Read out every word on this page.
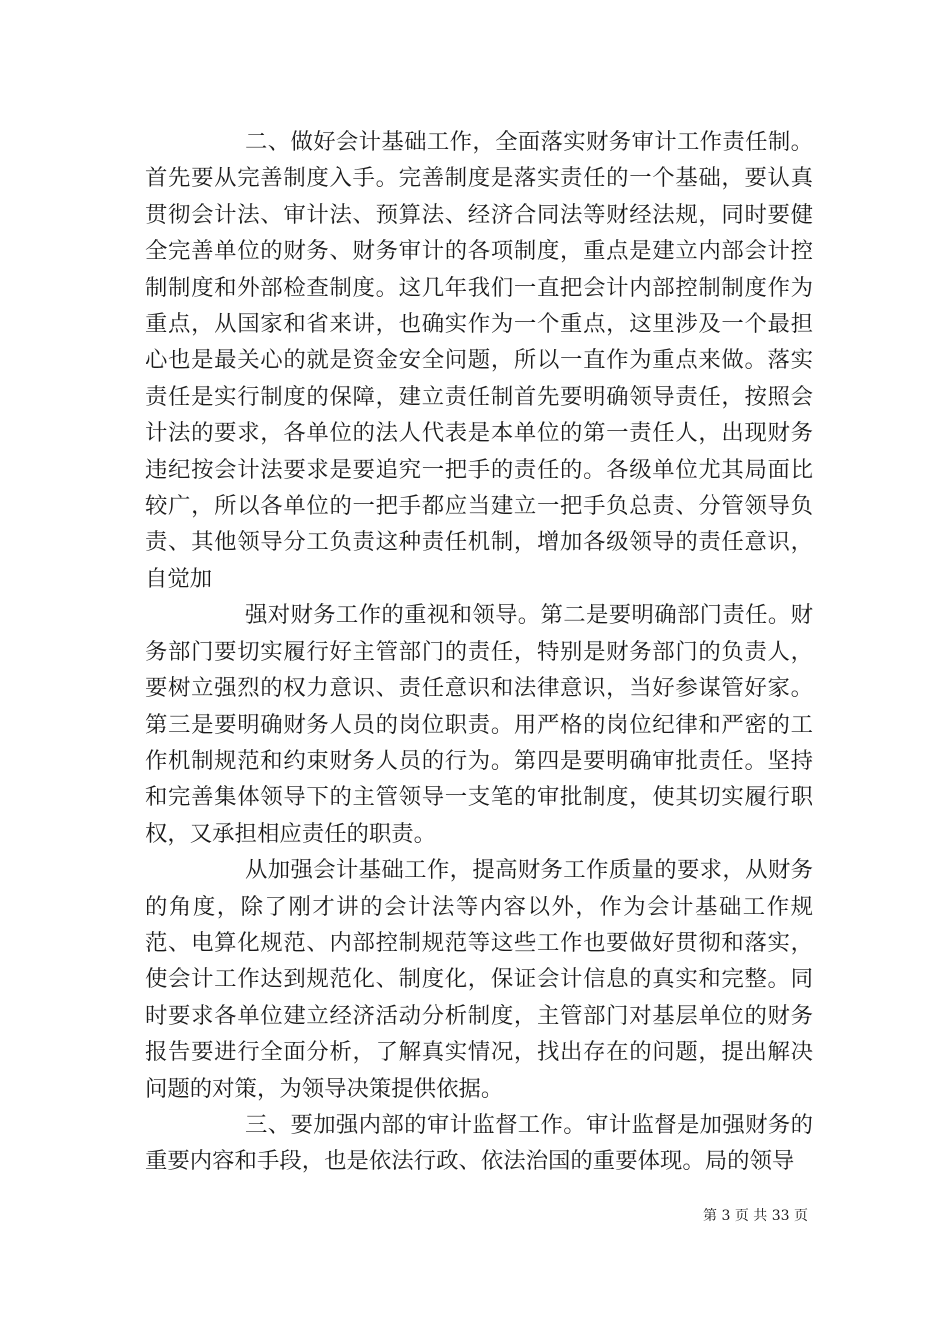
二、做好会计基础工作，全面落实财务审计工作责任制。首先要从完善制度入手。完善制度是落实责任的一个基础，要认真贯彻会计法、审计法、预算法、经济合同法等财经法规，同时要健全完善单位的财务、财务审计的各项制度，重点是建立内部会计控制制度和外部检查制度。这几年我们一直把会计内部控制制度作为重点，从国家和省来讲，也确实作为一个重点，这里涉及一个最担心也是最关心的就是资金安全问题，所以一直作为重点来做。落实责任是实行制度的保障，建立责任制首先要明确领导责任，按照会计法的要求，各单位的法人代表是本单位的第一责任人，出现财务违纪按会计法要求是要追究一把手的责任的。各级单位尤其局面比较广，所以各单位的一把手都应当建立一把手负总责、分管领导负责、其他领导分工负责这种责任机制，增加各级领导的责任意识，自觉加

强对财务工作的重视和领导。第二是要明确部门责任。财务部门要切实履行好主管部门的责任，特别是财务部门的负责人，要树立强烈的权力意识、责任意识和法律意识，当好参谋管好家。第三是要明确财务人员的岗位职责。用严格的岗位纪律和严密的工作机制规范和约束财务人员的行为。第四是要明确审批责任。坚持和完善集体领导下的主管领导一支笔的审批制度，使其切实履行职权，又承担相应责任的职责。

从加强会计基础工作，提高财务工作质量的要求，从财务的角度，除了刚才讲的会计法等内容以外，作为会计基础工作规范、电算化规范、内部控制规范等这些工作也要做好贯彻和落实，使会计工作达到规范化、制度化，保证会计信息的真实和完整。同时要求各单位建立经济活动分析制度，主管部门对基层单位的财务报告要进行全面分析，了解真实情况，找出存在的问题，提出解决问题的对策，为领导决策提供依据。

三、要加强内部的审计监督工作。审计监督是加强财务的重要内容和手段，也是依法行政、依法治国的重要体现。局的领导

第 3 页 共 33 页
